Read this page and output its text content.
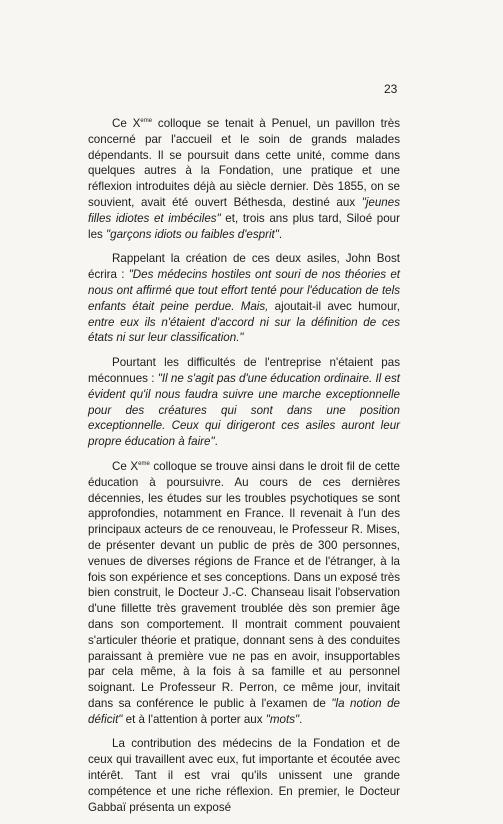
23

Ce Xeme colloque se tenait à Penuel, un pavillon très concerné par l'accueil et le soin de grands malades dépendants. Il se poursuit dans cette unité, comme dans quelques autres à la Fondation, une pratique et une réflexion introduites déjà au siècle dernier. Dès 1855, on se souvient, avait été ouvert Béthesda, destiné aux "jeunes filles idiotes et imbéciles" et, trois ans plus tard, Siloé pour les "garçons idiots ou faibles d'esprit".

Rappelant la création de ces deux asiles, John Bost écrira : "Des médecins hostiles ont souri de nos théories et nous ont affirmé que tout effort tenté pour l'éducation de tels enfants était peine perdue. Mais, ajoutait-il avec humour, entre eux ils n'étaient d'accord ni sur la définition de ces états ni sur leur classification."

Pourtant les difficultés de l'entreprise n'étaient pas méconnues : "Il ne s'agit pas d'une éducation ordinaire. Il est évident qu'il nous faudra suivre une marche exceptionnelle pour des créatures qui sont dans une position exceptionnelle. Ceux qui dirigeront ces asiles auront leur propre éducation à faire".

Ce Xeme colloque se trouve ainsi dans le droit fil de cette éducation à poursuivre. Au cours de ces dernières décennies, les études sur les troubles psychotiques se sont approfondies, notamment en France. Il revenait à l'un des principaux acteurs de ce renouveau, le Professeur R. Mises, de présenter devant un public de près de 300 personnes, venues de diverses régions de France et de l'étranger, à la fois son expérience et ses conceptions. Dans un exposé très bien construit, le Docteur J.-C. Chanseau lisait l'observation d'une fillette très gravement troublée dès son premier âge dans son comportement. Il montrait comment pouvaient s'articuler théorie et pratique, donnant sens à des conduites paraissant à première vue ne pas en avoir, insupportables par cela même, à la fois à sa famille et au personnel soignant. Le Professeur R. Perron, ce même jour, invitait dans sa conférence le public à l'examen de "la notion de déficit" et à l'attention à porter aux "mots".

La contribution des médecins de la Fondation et de ceux qui travaillent avec eux, fut importante et écoutée avec intérêt. Tant il est vrai qu'ils unissent une grande compétence et une riche réflexion. En premier, le Docteur Gabbaï présenta un exposé
